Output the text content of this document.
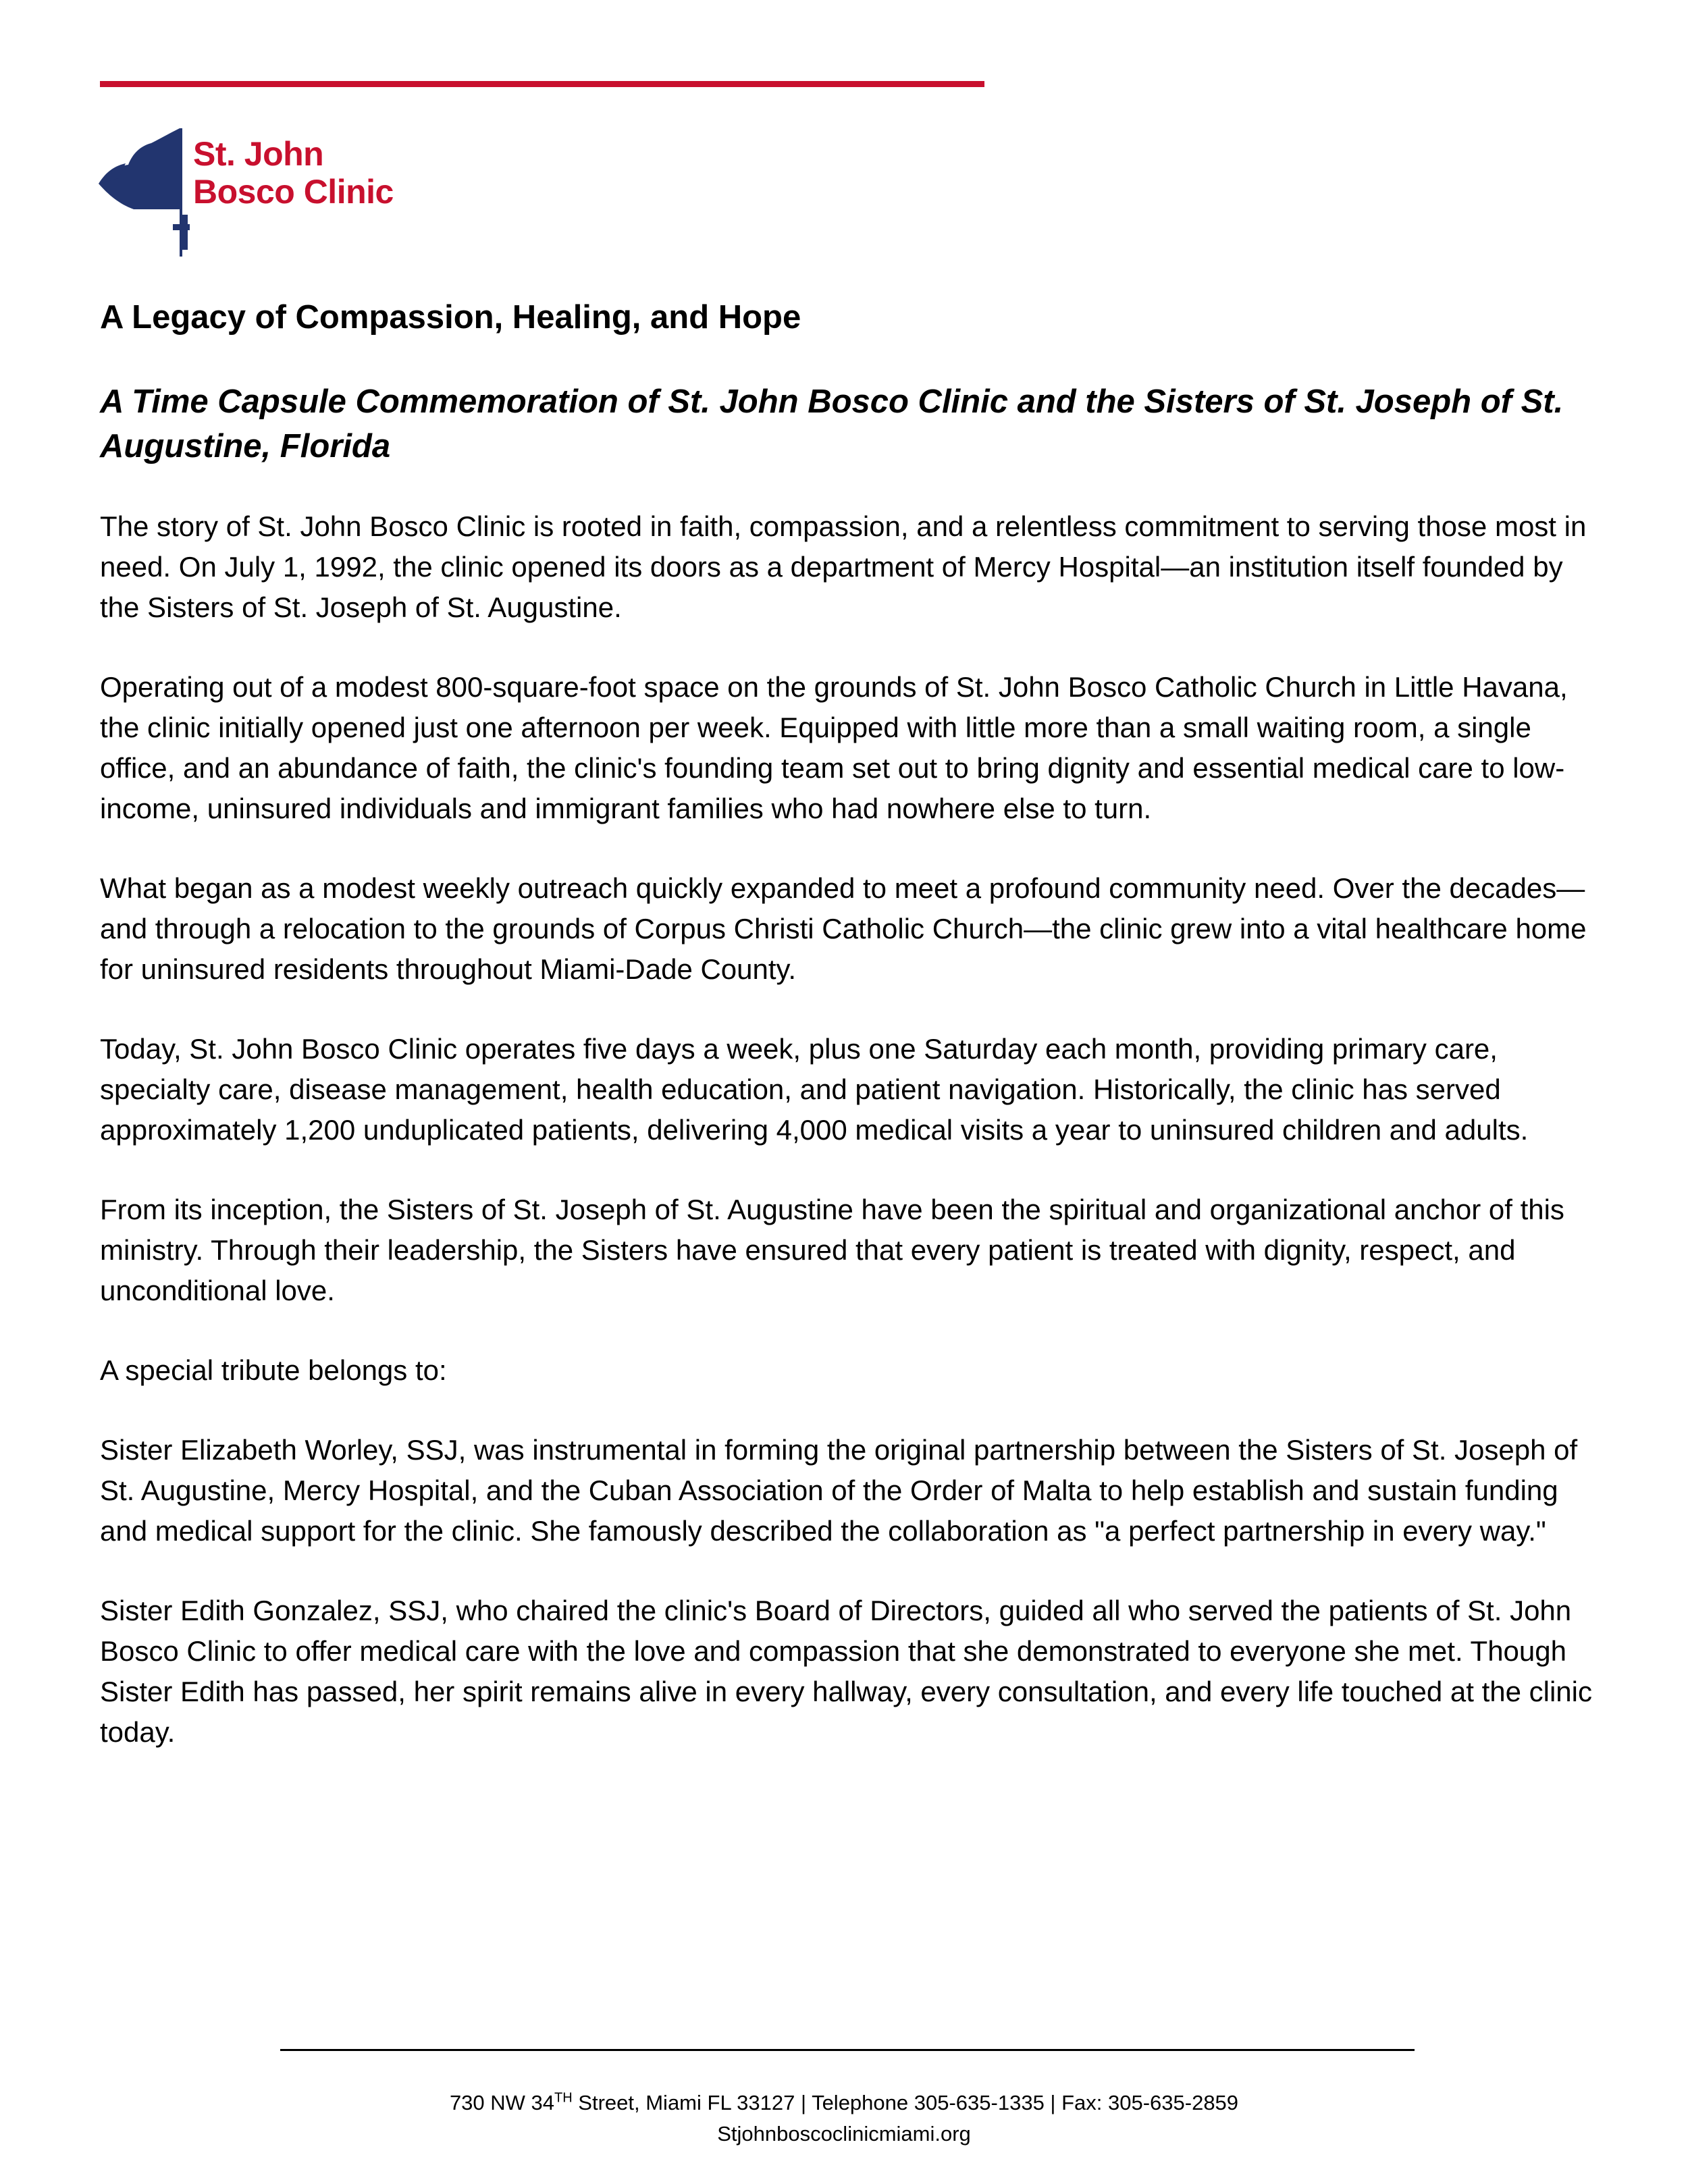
St. John
Bosco Clinic
A Legacy of Compassion, Healing, and Hope
A Time Capsule Commemoration of St. John Bosco Clinic and the Sisters of St. Joseph of St. Augustine, Florida

The story of St. John Bosco Clinic is rooted in faith, compassion, and a relentless commitment to serving those most in need. On July 1, 1992, the clinic opened its doors as a department of Mercy Hospital—an institution itself founded by the Sisters of St. Joseph of St. Augustine.

Operating out of a modest 800-square-foot space on the grounds of St. John Bosco Catholic Church in Little Havana, the clinic initially opened just one afternoon per week. Equipped with little more than a small waiting room, a single office, and an abundance of faith, the clinic's founding team set out to bring dignity and essential medical care to low-income, uninsured individuals and immigrant families who had nowhere else to turn.

What began as a modest weekly outreach quickly expanded to meet a profound community need. Over the decades—and through a relocation to the grounds of Corpus Christi Catholic Church—the clinic grew into a vital healthcare home for uninsured residents throughout Miami-Dade County.

Today, St. John Bosco Clinic operates five days a week, plus one Saturday each month, providing primary care, specialty care, disease management, health education, and patient navigation. Historically, the clinic has served approximately 1,200 unduplicated patients, delivering 4,000 medical visits a year to uninsured children and adults.

From its inception, the Sisters of St. Joseph of St. Augustine have been the spiritual and organizational anchor of this ministry. Through their leadership, the Sisters have ensured that every patient is treated with dignity, respect, and unconditional love.

A special tribute belongs to:

Sister Elizabeth Worley, SSJ, was instrumental in forming the original partnership between the Sisters of St. Joseph of St. Augustine, Mercy Hospital, and the Cuban Association of the Order of Malta to help establish and sustain funding and medical support for the clinic. She famously described the collaboration as "a perfect partnership in every way."

Sister Edith Gonzalez, SSJ, who chaired the clinic's Board of Directors, guided all who served the patients of St. John Bosco Clinic to offer medical care with the love and compassion that she demonstrated to everyone she met. Though Sister Edith has passed, her spirit remains alive in every hallway, every consultation, and every life touched at the clinic today.

730 NW 34TH Street, Miami FL 33127 | Telephone 305-635-1335 | Fax: 305-635-2859
Stjohnboscoclinicmiami.org
